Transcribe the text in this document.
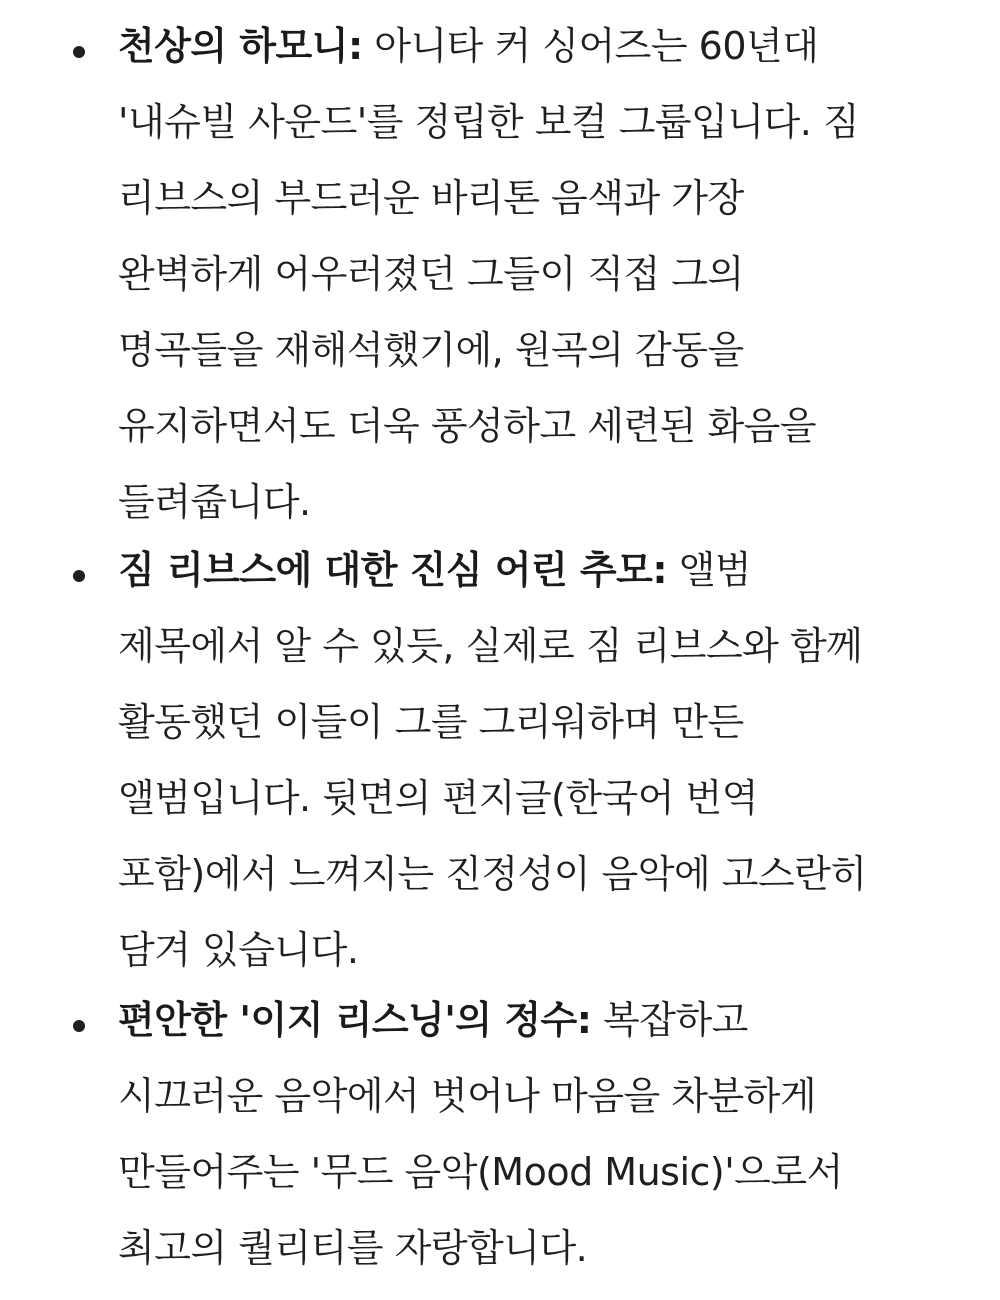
천상의 하모니: 아니타 커 싱어즈는 60년대
'내슈빌 사운드'를 정립한 보컬 그룹입니다. 짐
리브스의 부드러운 바리톤 음색과 가장
완벽하게 어우러졌던 그들이 직접 그의
명곡들을 재해석했기에, 원곡의 감동을
유지하면서도 더욱 풍성하고 세련된 화음을
들려줍니다.
짐 리브스에 대한 진심 어린 추모: 앨범
제목에서 알 수 있듯, 실제로 짐 리브스와 함께
활동했던 이들이 그를 그리워하며 만든
앨범입니다. 뒷면의 편지글(한국어 번역
포함)에서 느껴지는 진정성이 음악에 고스란히
담겨 있습니다.
편안한 '이지 리스닝'의 정수: 복잡하고
시끄러운 음악에서 벗어나 마음을 차분하게
만들어주는 '무드 음악(Mood Music)'으로서
최고의 퀄리티를 자랑합니다.
